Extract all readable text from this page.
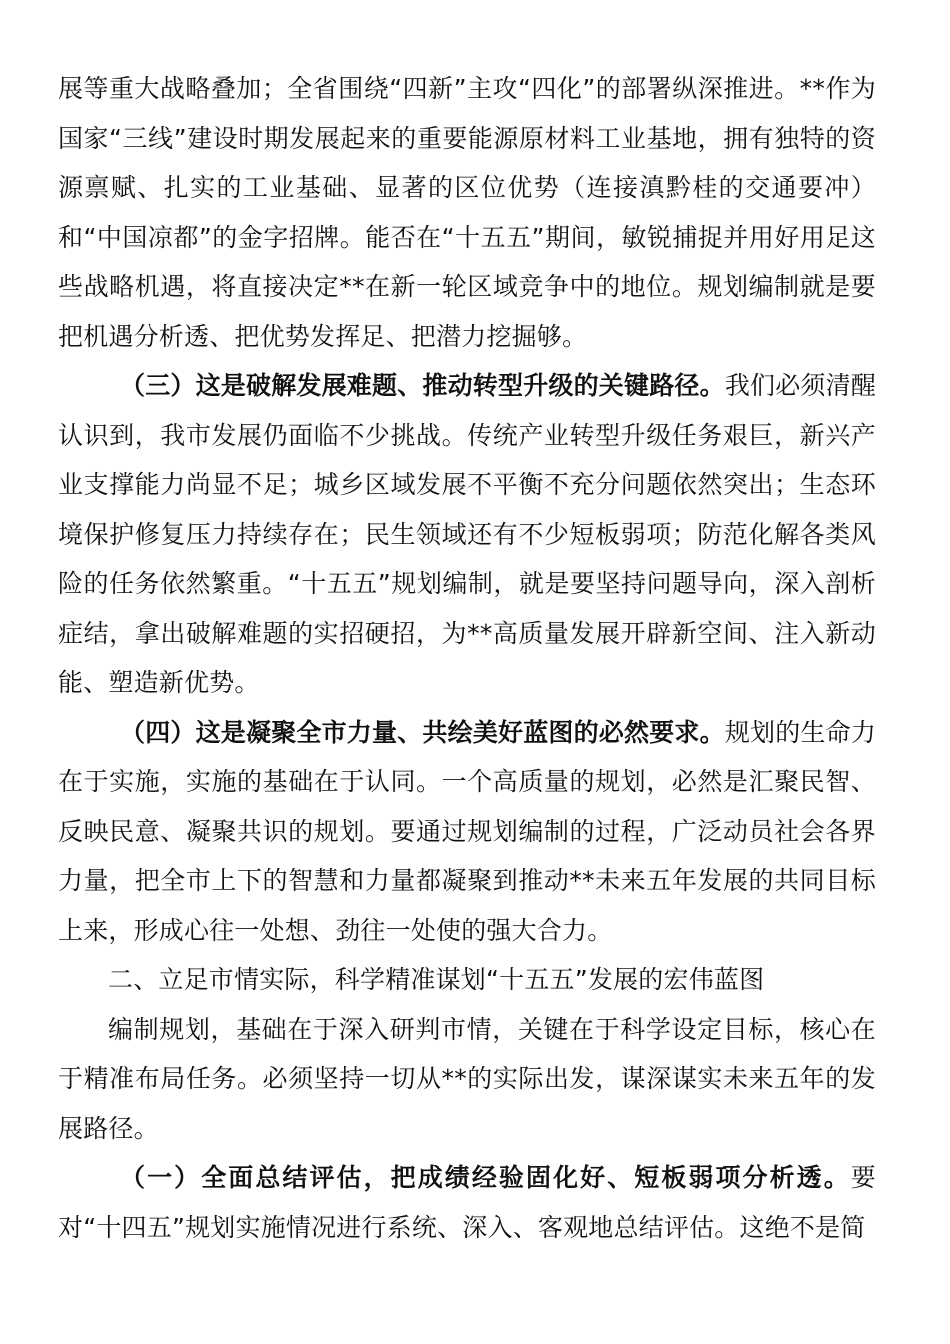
展等重大战略叠加；全省围绕“四新”主攻“四化”的部署纵深推进。**作为国家“三线”建设时期发展起来的重要能源原材料工业基地，拥有独特的资源禀赋、扎实的工业基础、显著的区位优势（连接滇黔桂的交通要冲）和“中国凉都”的金字招牌。能否在“十五五”期间，敏锐捕捉并用好用足这些战略机遇，将直接决定**在新一轮区域竞争中的地位。规划编制就是要把机遇分析透、把优势发挥足、把潜力挖掘够。

（三）这是破解发展难题、推动转型升级的关键路径。我们必须清醒认识到，我市发展仍面临不少挑战。传统产业转型升级任务艰巨，新兴产业支撑能力尚显不足；城乡区域发展不平衡不充分问题依然突出；生态环境保护修复压力持续存在；民生领域还有不少短板弱项；防范化解各类风险的任务依然繁重。“十五五”规划编制，就是要坚持问题导向，深入剖析症结，拿出破解难题的实招硬招，为**高质量发展开辟新空间、注入新动能、塑造新优势。

（四）这是凝聚全市力量、共绘美好蓝图的必然要求。规划的生命力在于实施，实施的基础在于认同。一个高质量的规划，必然是汇聚民智、反映民意、凝聚共识的规划。要通过规划编制的过程，广泛动员社会各界力量，把全市上下的智慧和力量都凝聚到推动**未来五年发展的共同目标上来，形成心往一处想、劲往一处使的强大合力。

二、立足市情实际，科学精准谋划“十五五”发展的宏伟蓝图

编制规划，基础在于深入研判市情，关键在于科学设定目标，核心在于精准布局任务。必须坚持一切从**的实际出发，谋深谋实未来五年的发展路径。

（一）全面总结评估，把成绩经验固化好、短板弱项分析透。要对“十四五”规划实施情况进行系统、深入、客观地总结评估。这绝不是简
